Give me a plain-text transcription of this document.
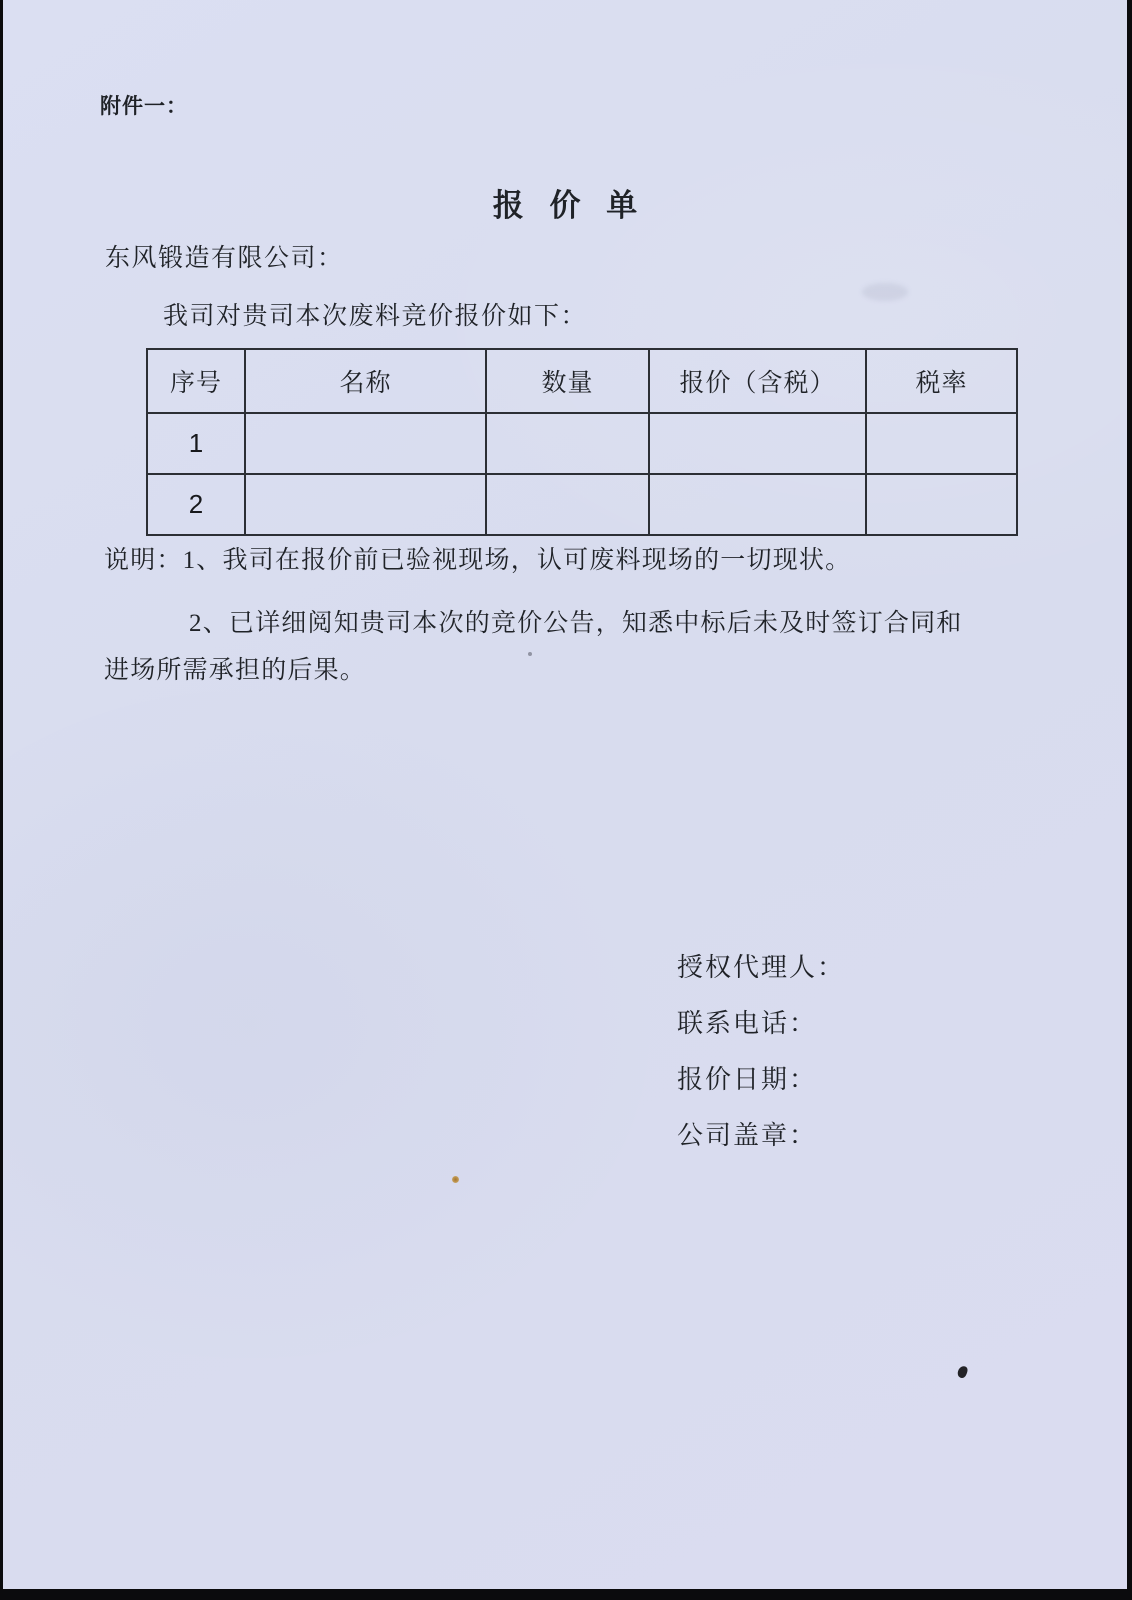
附件一：
报 价 单
东风锻造有限公司：
我司对贵司本次废料竞价报价如下：
序号	名称	数量	报价（含税）	税率
1				
2				
说明：1、我司在报价前已验视现场，认可废料现场的一切现状。
2、已详细阅知贵司本次的竞价公告，知悉中标后未及时签订合同和
进场所需承担的后果。
授权代理人：
联系电话：
报价日期：
公司盖章：
